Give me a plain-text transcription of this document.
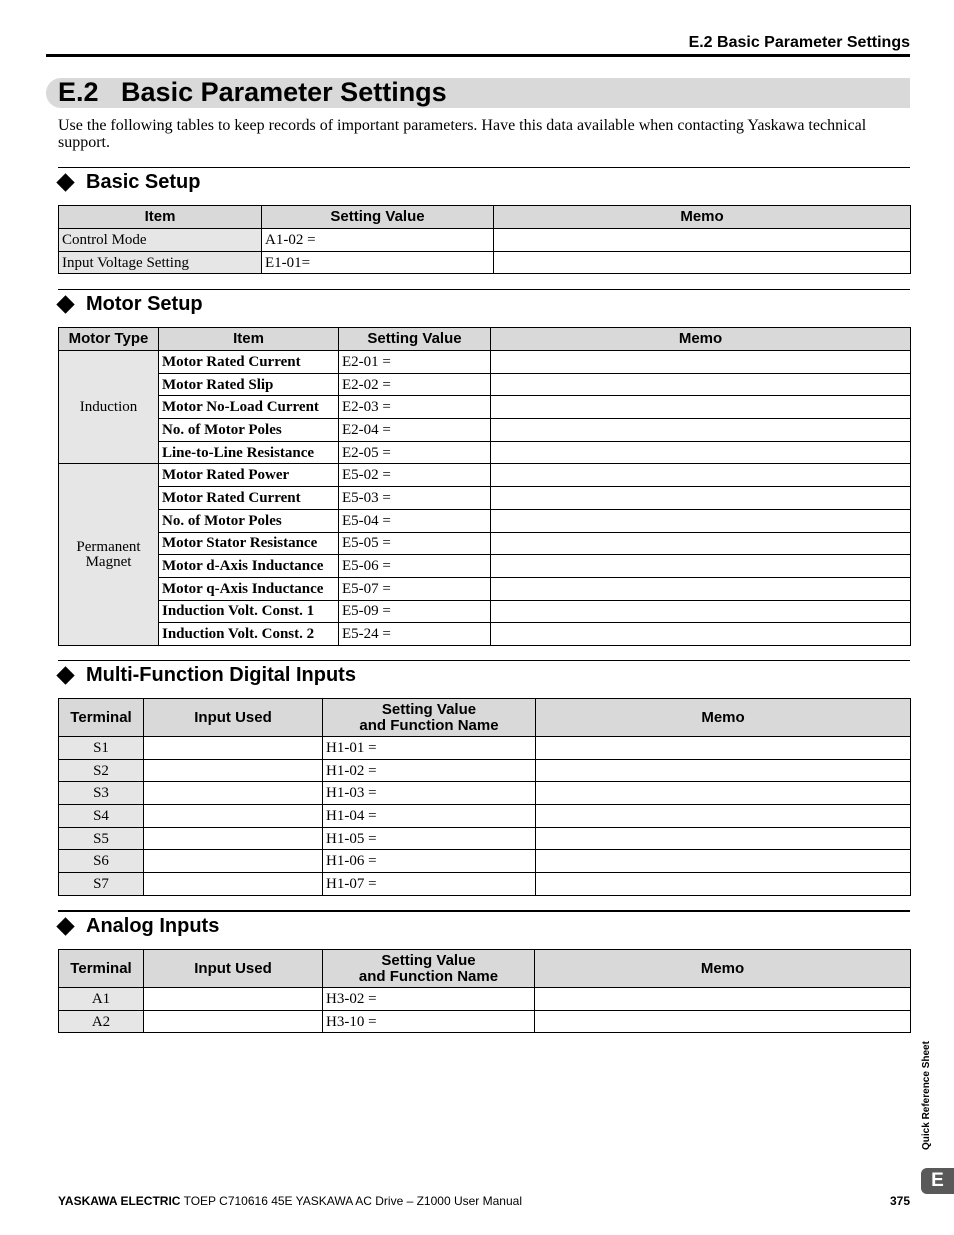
E.2 Basic Parameter Settings
E.2 Basic Parameter Settings
Use the following tables to keep records of important parameters. Have this data available when contacting Yaskawa technical support.
Basic Setup
Item	Setting Value	Memo
Control Mode	A1-02 =	
Input Voltage Setting	E1-01=	
Motor Setup
Motor Type	Item	Setting Value	Memo
Induction	Motor Rated Current	E2-01 =	
	Motor Rated Slip	E2-02 =	
	Motor No-Load Current	E2-03 =	
	No. of Motor Poles	E2-04 =	
	Line-to-Line Resistance	E2-05 =	
Permanent Magnet	Motor Rated Power	E5-02 =	
	Motor Rated Current	E5-03 =	
	No. of Motor Poles	E5-04 =	
	Motor Stator Resistance	E5-05 =	
	Motor d-Axis Inductance	E5-06 =	
	Motor q-Axis Inductance	E5-07 =	
	Induction Volt. Const. 1	E5-09 =	
	Induction Volt. Const. 2	E5-24 =	
Multi-Function Digital Inputs
Terminal	Input Used	Setting Value
and Function Name	Memo
S1		H1-01 =	
S2		H1-02 =	
S3		H1-03 =	
S4		H1-04 =	
S5		H1-05 =	
S6		H1-06 =	
S7		H1-07 =	
Analog Inputs
Terminal	Input Used	Setting Value
and Function Name	Memo
A1		H3-02 =	
A2		H3-10 =	
Quick Reference Sheet
E
YASKAWA ELECTRIC TOEP C710616 45E YASKAWA AC Drive – Z1000 User Manual	375
